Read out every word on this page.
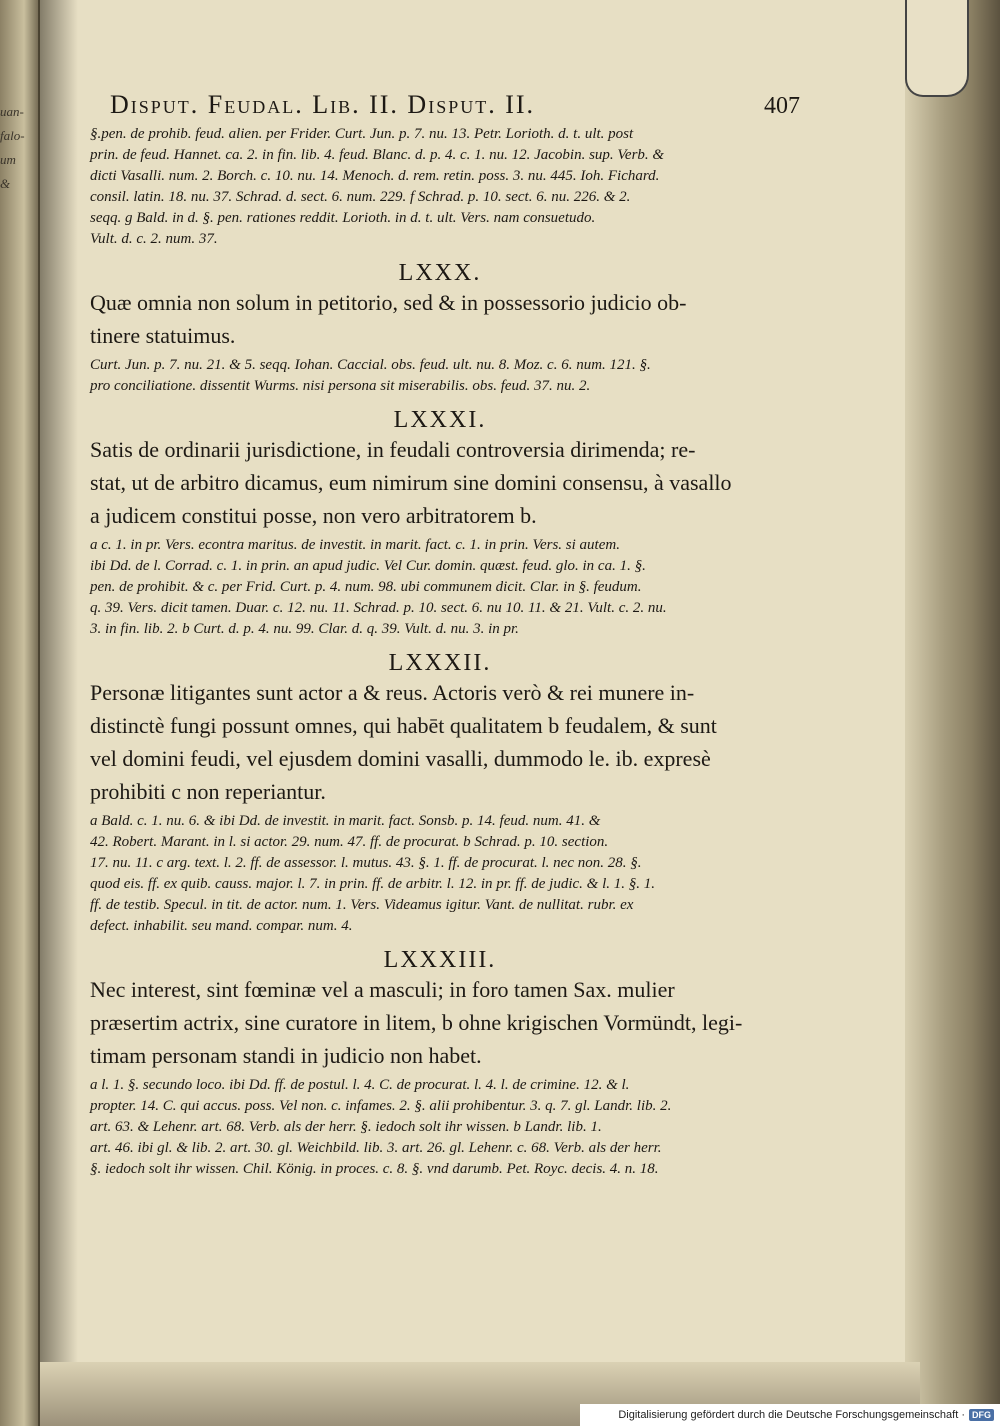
uan-
falo-
um &
Disput. Feudal. Lib. II. Disput. II.	407

§.pen. de prohib. feud. alien. per Frider. Curt. Jun. p. 7. nu. 13. Petr. Lorioth. d. t. ult. post

prin. de feud. Hannet. ca. 2. in fin. lib. 4. feud. Blanc. d. p. 4. c. 1. nu. 12. Jacobin. sup. Verb. &

dicti Vasalli. num. 2. Borch. c. 10. nu. 14. Menoch. d. rem. retin. poss. 3. nu. 445. Ioh. Fichard.

consil. latin. 18. nu. 37. Schrad. d. sect. 6. num. 229. f Schrad. p. 10. sect. 6. nu. 226. & 2.

seqq. g Bald. in d. §. pen. rationes reddit. Lorioth. in d. t. ult. Vers. nam consuetudo.

Vult. d. c. 2. num. 37.

LXXX.

Quæ omnia non solum in petitorio, sed & in possessorio judicio ob-

tinere statuimus.

Curt. Jun. p. 7. nu. 21. & 5. seqq. Iohan. Caccial. obs. feud. ult. nu. 8. Moz. c. 6. num. 121. §.

pro conciliatione. dissentit Wurms. nisi persona sit miserabilis. obs. feud. 37. nu. 2.

LXXXI.

Satis de ordinarii jurisdictione, in feudali controversia dirimenda; re-

stat, ut de arbitro dicamus, eum nimirum sine domini consensu, à vasallo

a judicem constitui posse, non vero arbitratorem b.

a c. 1. in pr. Vers. econtra maritus. de investit. in marit. fact. c. 1. in prin. Vers. si autem.

ibi Dd. de l. Corrad. c. 1. in prin. an apud judic. Vel Cur. domin. quæst. feud. glo. in ca. 1. §.

pen. de prohibit. & c. per Frid. Curt. p. 4. num. 98. ubi communem dicit. Clar. in §. feudum.

q. 39. Vers. dicit tamen. Duar. c. 12. nu. 11. Schrad. p. 10. sect. 6. nu 10. 11. & 21. Vult. c. 2. nu.

3. in fin. lib. 2. b Curt. d. p. 4. nu. 99. Clar. d. q. 39. Vult. d. nu. 3. in pr.

LXXXII.

Personæ litigantes sunt actor a & reus. Actoris verò & rei munere in-

distinctè fungi possunt omnes, qui habēt qualitatem b feudalem, & sunt

vel domini feudi, vel ejusdem domini vasalli, dummodo le. ib. expresè

prohibiti c non reperiantur.

a Bald. c. 1. nu. 6. & ibi Dd. de investit. in marit. fact. Sonsb. p. 14. feud. num. 41. &

42. Robert. Marant. in l. si actor. 29. num. 47. ff. de procurat. b Schrad. p. 10. section.

17. nu. 11. c arg. text. l. 2. ff. de assessor. l. mutus. 43. §. 1. ff. de procurat. l. nec non. 28. §.

quod eis. ff. ex quib. causs. major. l. 7. in prin. ff. de arbitr. l. 12. in pr. ff. de judic. & l. 1. §. 1.

ff. de testib. Specul. in tit. de actor. num. 1. Vers. Videamus igitur. Vant. de nullitat. rubr. ex

defect. inhabilit. seu mand. compar. num. 4.

LXXXIII.

Nec interest, sint fœminæ vel a masculi; in foro tamen Sax. mulier

præsertim actrix, sine curatore in litem, b ohne krigischen Vormündt, legi-

timam personam standi in judicio non habet.

a l. 1. §. secundo loco. ibi Dd. ff. de postul. l. 4. C. de procurat. l. 4. l. de crimine. 12. & l.

propter. 14. C. qui accus. poss. Vel non. c. infames. 2. §. alii prohibentur. 3. q. 7. gl. Landr. lib. 2.

art. 63. & Lehenr. art. 68. Verb. als der herr. §. iedoch solt ihr wissen. b Landr. lib. 1.

art. 46. ibi gl. & lib. 2. art. 30. gl. Weichbild. lib. 3. art. 26. gl. Lehenr. c. 68. Verb. als der herr.

§. iedoch solt ihr wissen. Chil. König. in proces. c. 8. §. vnd darumb. Pet. Royc. decis. 4. n. 18.

Digitalisierung gefördert durch die Deutsche Forschungsgemeinschaft · DFG
